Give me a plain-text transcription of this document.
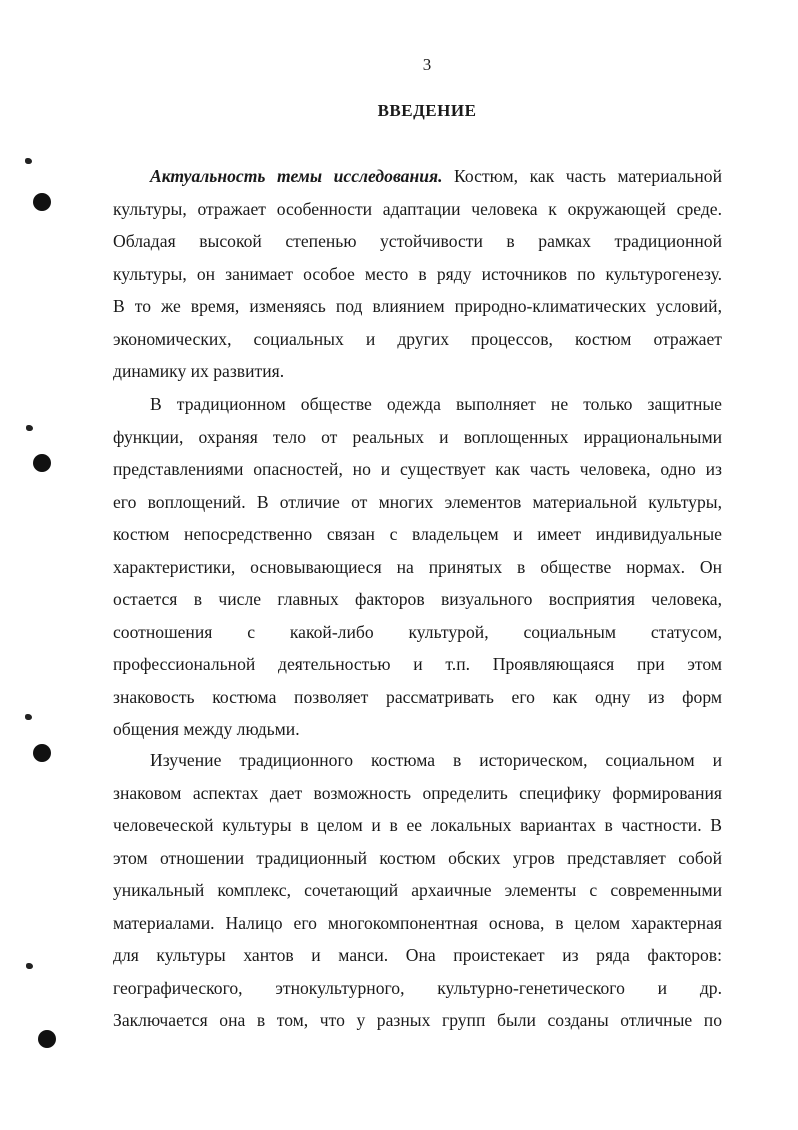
3
ВВЕДЕНИЕ
Актуальность темы исследования. Костюм, как часть материальной
культуры, отражает особенности адаптации человека к окружающей среде.
Обладая высокой степенью устойчивости в рамках традиционной
культуры, он занимает особое место в ряду источников по культурогенезу.
В то же время, изменяясь под влиянием природно-климатических условий,
экономических, социальных и других процессов, костюм отражает
динамику их развития.
В традиционном обществе одежда выполняет не только защитные
функции, охраняя тело от реальных и воплощенных иррациональными
представлениями опасностей, но и существует как часть человека, одно из
его воплощений. В отличие от многих элементов материальной культуры,
костюм непосредственно связан с владельцем и имеет индивидуальные
характеристики, основывающиеся на принятых в обществе нормах. Он
остается в числе главных факторов визуального восприятия человека,
соотношения с какой-либо культурой, социальным статусом,
профессиональной деятельностью и т.п. Проявляющаяся при этом
знаковость костюма позволяет рассматривать его как одну из форм
общения между людьми.
Изучение традиционного костюма в историческом, социальном и
знаковом аспектах дает возможность определить специфику формирования
человеческой культуры в целом и в ее локальных вариантах в частности. В
этом отношении традиционный костюм обских угров представляет собой
уникальный комплекс, сочетающий архаичные элементы с современными
материалами. Налицо его многокомпонентная основа, в целом характерная
для культуры хантов и манси. Она проистекает из ряда факторов:
географического, этнокультурного, культурно-генетического и др.
Заключается она в том, что у разных групп были созданы отличные по
